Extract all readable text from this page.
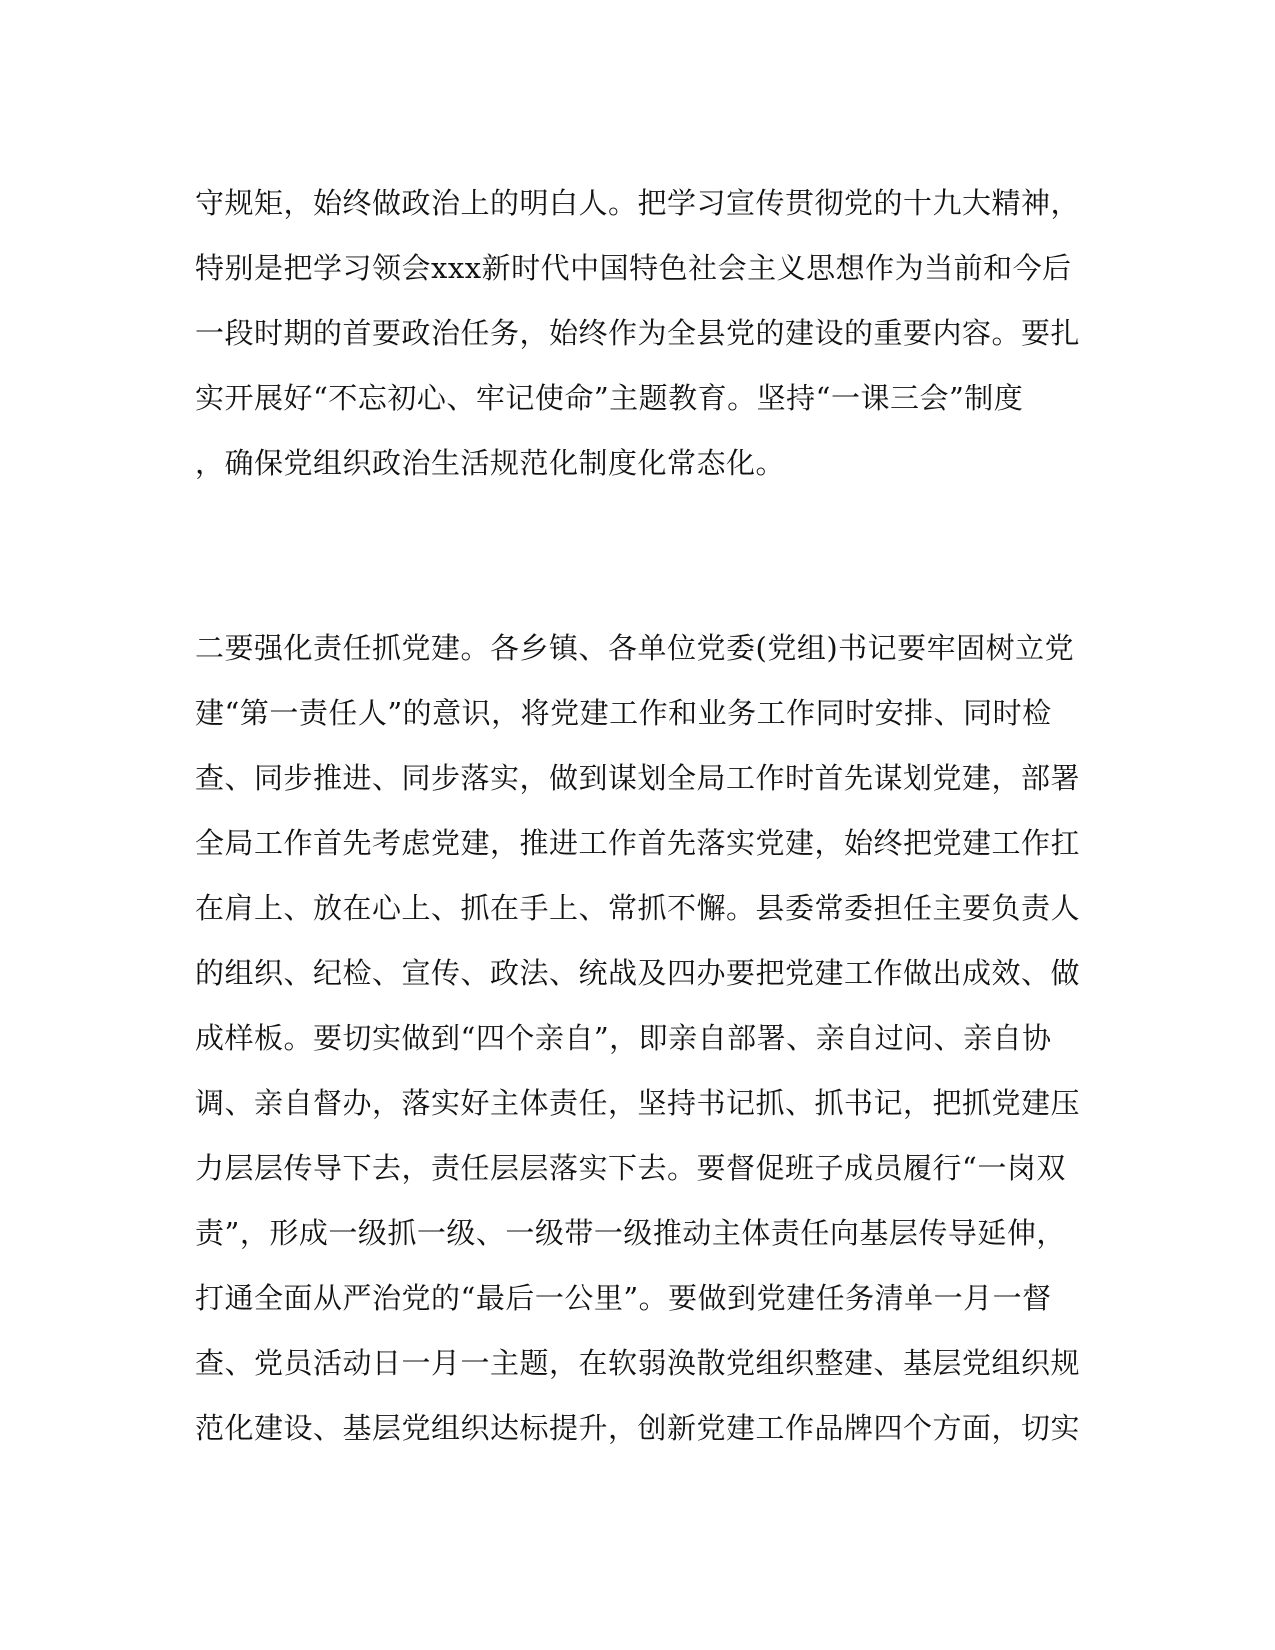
守规矩，始终做政治上的明白人。把学习宣传贯彻党的十九大精神，
特别是把学习领会xxx新时代中国特色社会主义思想作为当前和今后
一段时期的首要政治任务，始终作为全县党的建设的重要内容。要扎
实开展好“不忘初心、牢记使命”主题教育。坚持“一课三会”制度
，确保党组织政治生活规范化制度化常态化。
二要强化责任抓党建。各乡镇、各单位党委(党组)书记要牢固树立党
建“第一责任人”的意识，将党建工作和业务工作同时安排、同时检
查、同步推进、同步落实，做到谋划全局工作时首先谋划党建，部署
全局工作首先考虑党建，推进工作首先落实党建，始终把党建工作扛
在肩上、放在心上、抓在手上、常抓不懈。县委常委担任主要负责人
的组织、纪检、宣传、政法、统战及四办要把党建工作做出成效、做
成样板。要切实做到“四个亲自”，即亲自部署、亲自过问、亲自协
调、亲自督办，落实好主体责任，坚持书记抓、抓书记，把抓党建压
力层层传导下去，责任层层落实下去。要督促班子成员履行“一岗双
责”，形成一级抓一级、一级带一级推动主体责任向基层传导延伸，
打通全面从严治党的“最后一公里”。要做到党建任务清单一月一督
查、党员活动日一月一主题，在软弱涣散党组织整建、基层党组织规
范化建设、基层党组织达标提升，创新党建工作品牌四个方面，切实
